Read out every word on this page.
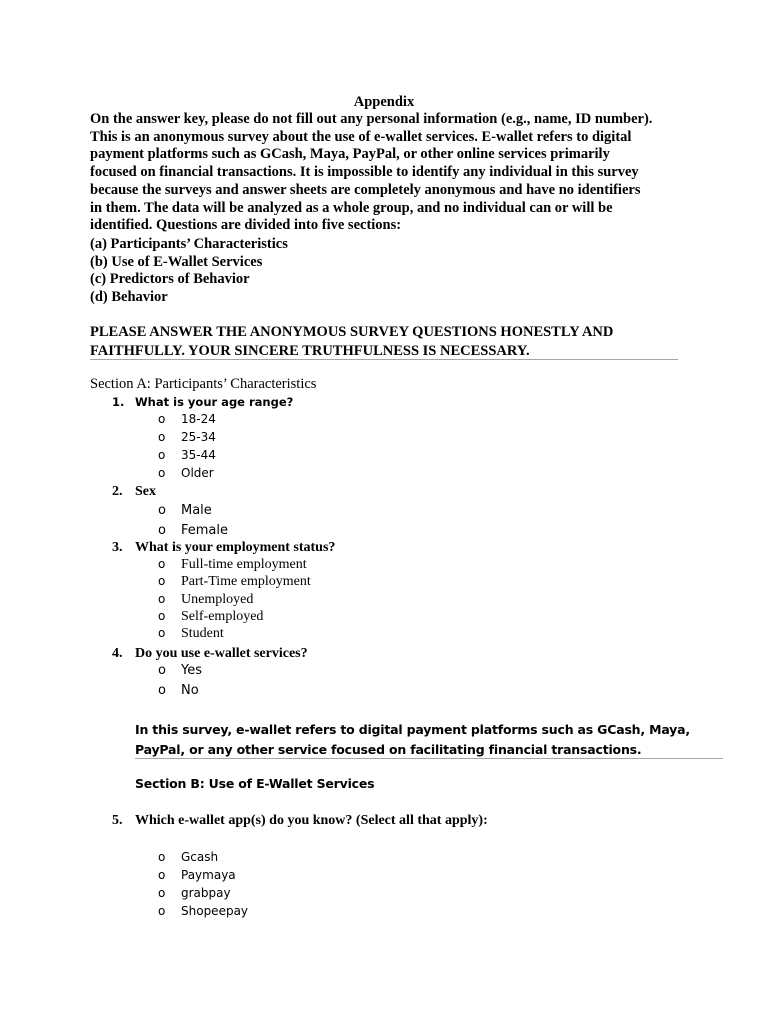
Appendix

On the answer key, please do not fill out any personal information (e.g., name, ID number).

This is an anonymous survey about the use of e-wallet services. E-wallet refers to digital

payment platforms such as GCash, Maya, PayPal, or other online services primarily

focused on financial transactions. It is impossible to identify any individual in this survey

because the surveys and answer sheets are completely anonymous and have no identifiers

in them. The data will be analyzed as a whole group, and no individual can or will be

identified. Questions are divided into five sections:

(a) Participants’ Characteristics

(b) Use of E-Wallet Services

(c) Predictors of Behavior

(d) Behavior

PLEASE ANSWER THE ANONYMOUS SURVEY QUESTIONS HONESTLY AND

FAITHFULLY. YOUR SINCERE TRUTHFULNESS IS NECESSARY.

Section A: Participants’ Characteristics
1. What is your age range?
o 18-24
o 25-34
o 35-44
o Older
2. Sex
o Male
o Female
3. What is your employment status?
o Full-time employment
o Part-Time employment
o Unemployed
o Self-employed
o Student
4. Do you use e-wallet services?
o Yes
o No

In this survey, e-wallet refers to digital payment platforms such as GCash, Maya,

PayPal, or any other service focused on facilitating financial transactions.

Section B: Use of E-Wallet Services
5. Which e-wallet app(s) do you know? (Select all that apply):
o Gcash
o Paymaya
o grabpay
o Shopeepay
